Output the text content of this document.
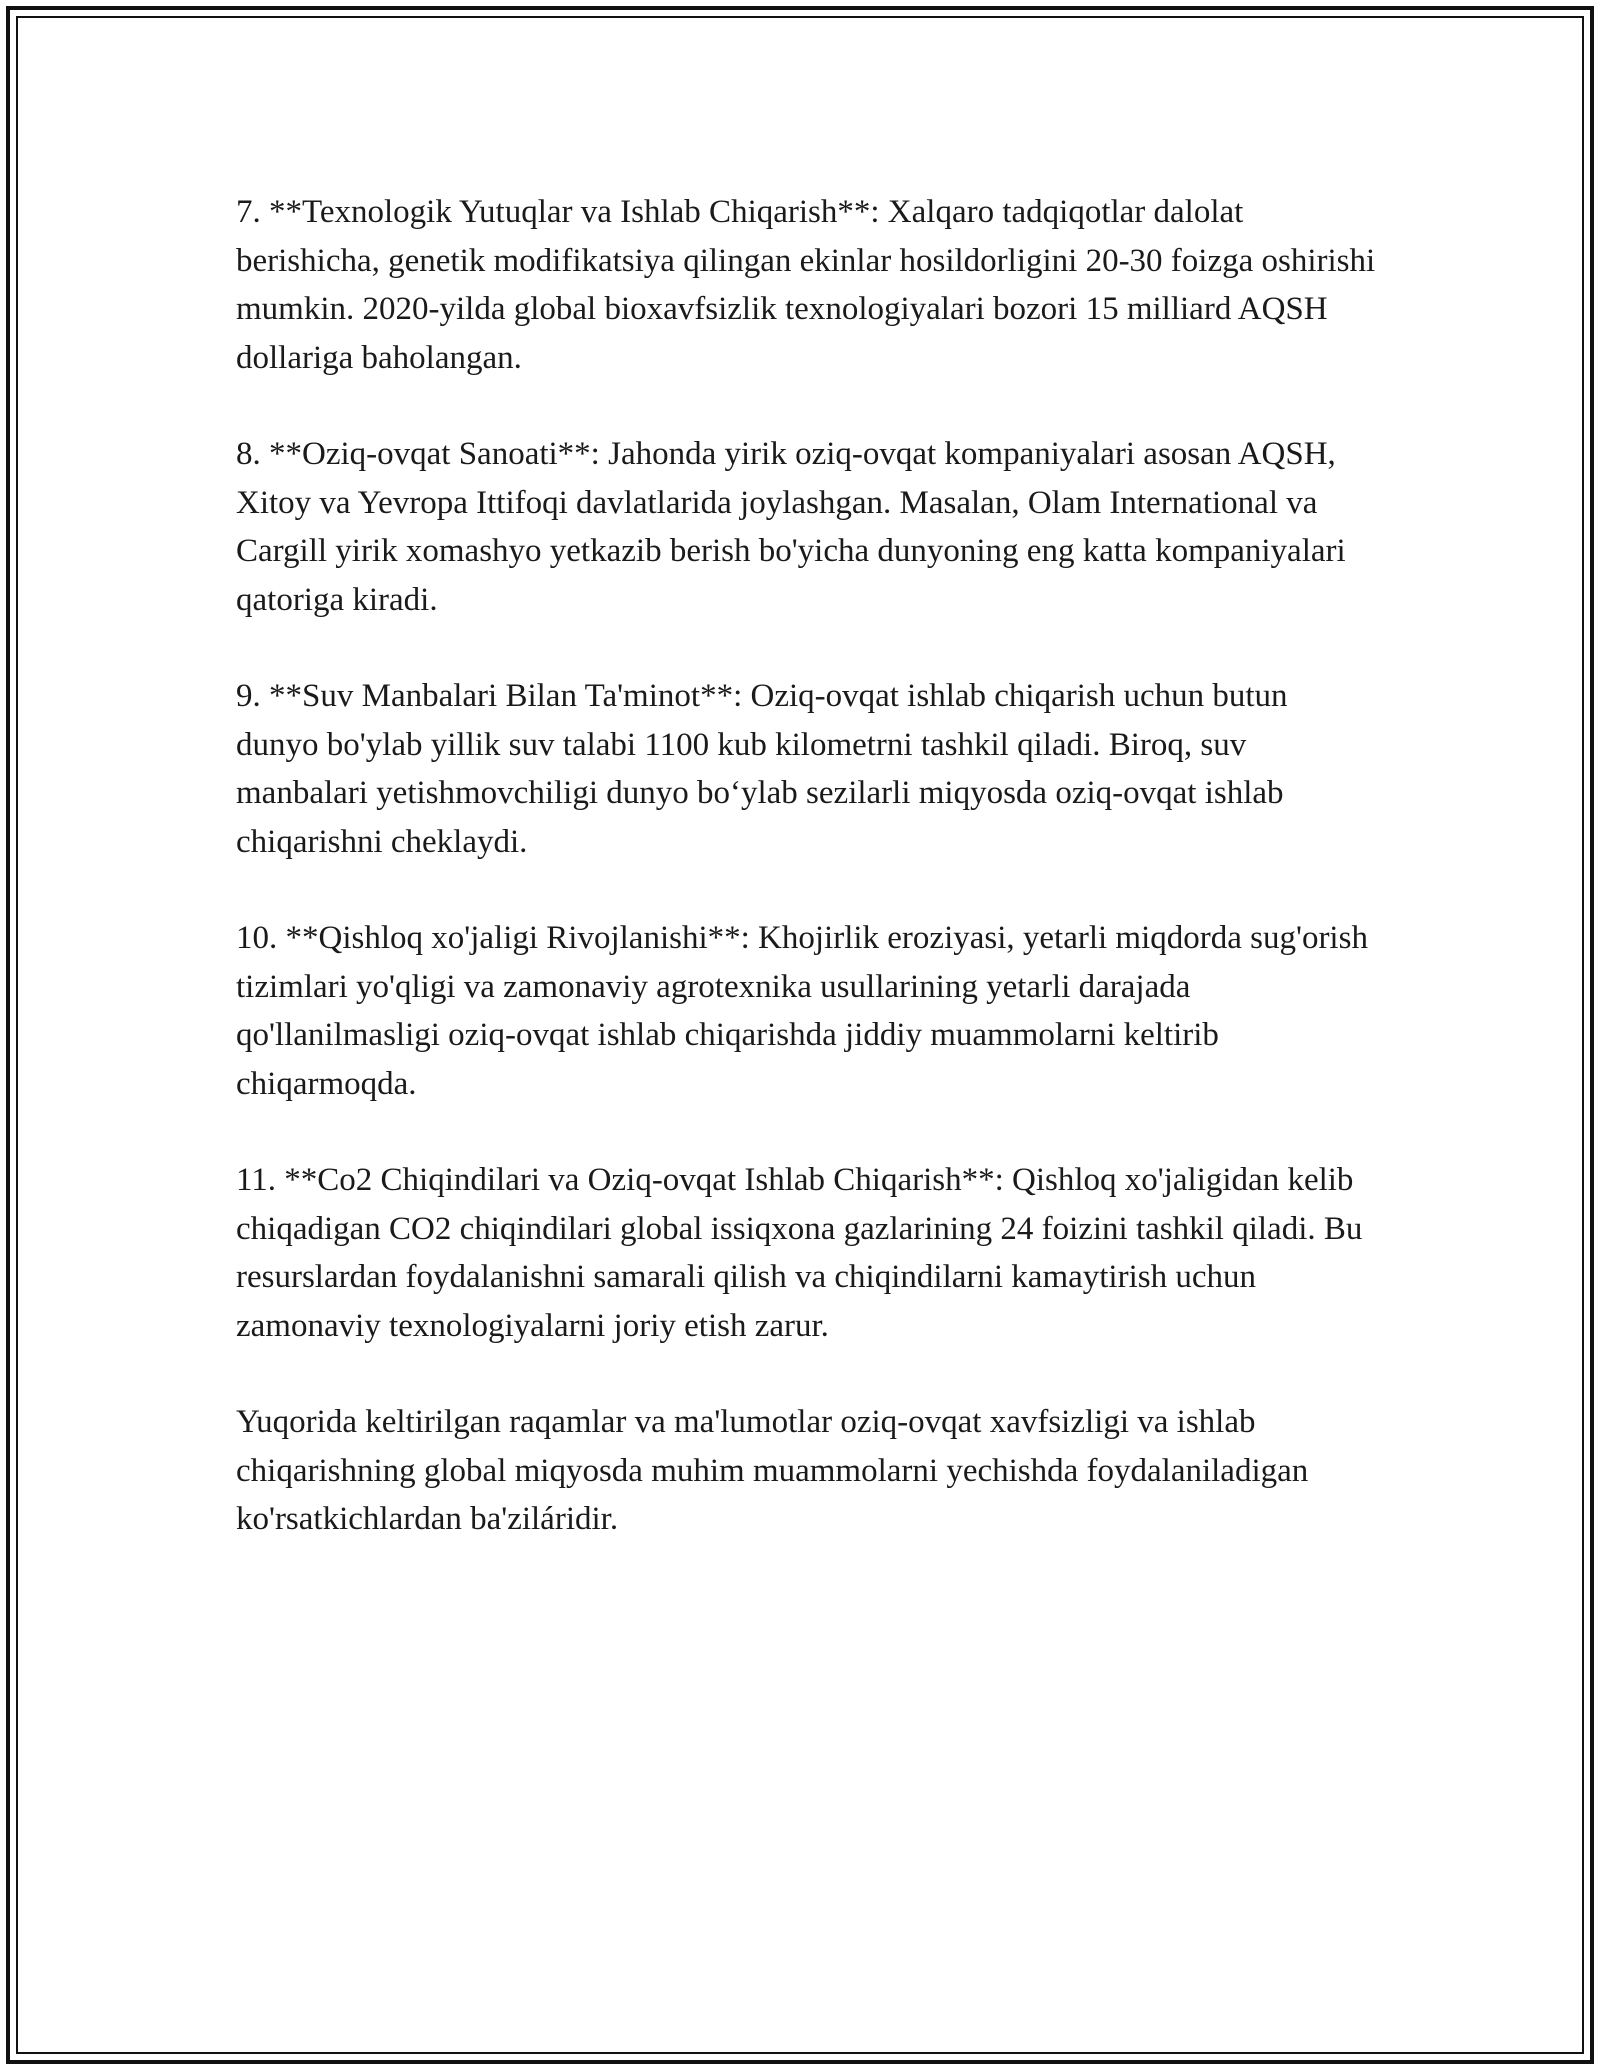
7. **Texnologik Yutuqlar va Ishlab Chiqarish**: Xalqaro tadqiqotlar dalolat berishicha, genetik modifikatsiya qilingan ekinlar hosildorligini 20-30 foizga oshirishi mumkin. 2020-yilda global bioxavfsizlik texnologiyalari bozori 15 milliard AQSH dollariga baholangan.

8. **Oziq-ovqat Sanoati**: Jahonda yirik oziq-ovqat kompaniyalari asosan AQSH, Xitoy va Yevropa Ittifoqi davlatlarida joylashgan. Masalan, Olam International va Cargill yirik xomashyo yetkazib berish bo'yicha dunyoning eng katta kompaniyalari qatoriga kiradi.

9. **Suv Manbalari Bilan Ta'minot**: Oziq-ovqat ishlab chiqarish uchun butun dunyo bo'ylab yillik suv talabi 1100 kub kilometrni tashkil qiladi. Biroq, suv manbalari yetishmovchiligi dunyo bo‘ylab sezilarli miqyosda oziq-ovqat ishlab chiqarishni cheklaydi.

10. **Qishloq xo'jaligi Rivojlanishi**: Khojirlik eroziyasi, yetarli miqdorda sug'orish tizimlari yo'qligi va zamonaviy agrotexnika usullarining yetarli darajada qo'llanilmasligi oziq-ovqat ishlab chiqarishda jiddiy muammolarni keltirib chiqarmoqda.

11. **Co2 Chiqindilari va Oziq-ovqat Ishlab Chiqarish**: Qishloq xo'jaligidan kelib chiqadigan CO2 chiqindilari global issiqxona gazlarining 24 foizini tashkil qiladi. Bu resurslardan foydalanishni samarali qilish va chiqindilarni kamaytirish uchun zamonaviy texnologiyalarni joriy etish zarur.

Yuqorida keltirilgan raqamlar va ma'lumotlar oziq-ovqat xavfsizligi va ishlab chiqarishning global miqyosda muhim muammolarni yechishda foydalaniladigan ko'rsatkichlardan ba'ziláridir.
